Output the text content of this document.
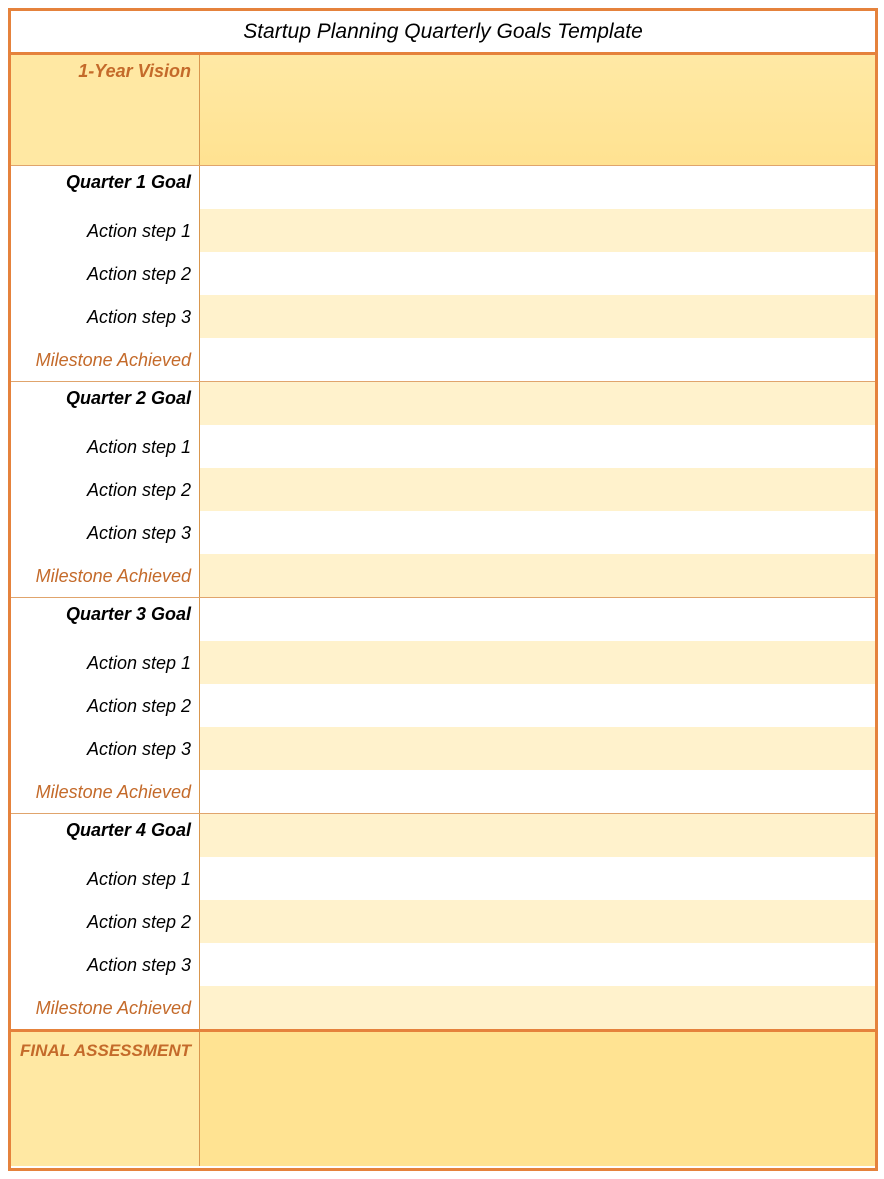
Startup Planning Quarterly Goals Template
1-Year Vision
Quarter 1 Goal
Action step 1
Action step 2
Action step 3
Milestone Achieved
Quarter 2 Goal
Action step 1
Action step 2
Action step 3
Milestone Achieved
Quarter 3 Goal
Action step 1
Action step 2
Action step 3
Milestone Achieved
Quarter 4 Goal
Action step 1
Action step 2
Action step 3
Milestone Achieved
FINAL ASSESSMENT
